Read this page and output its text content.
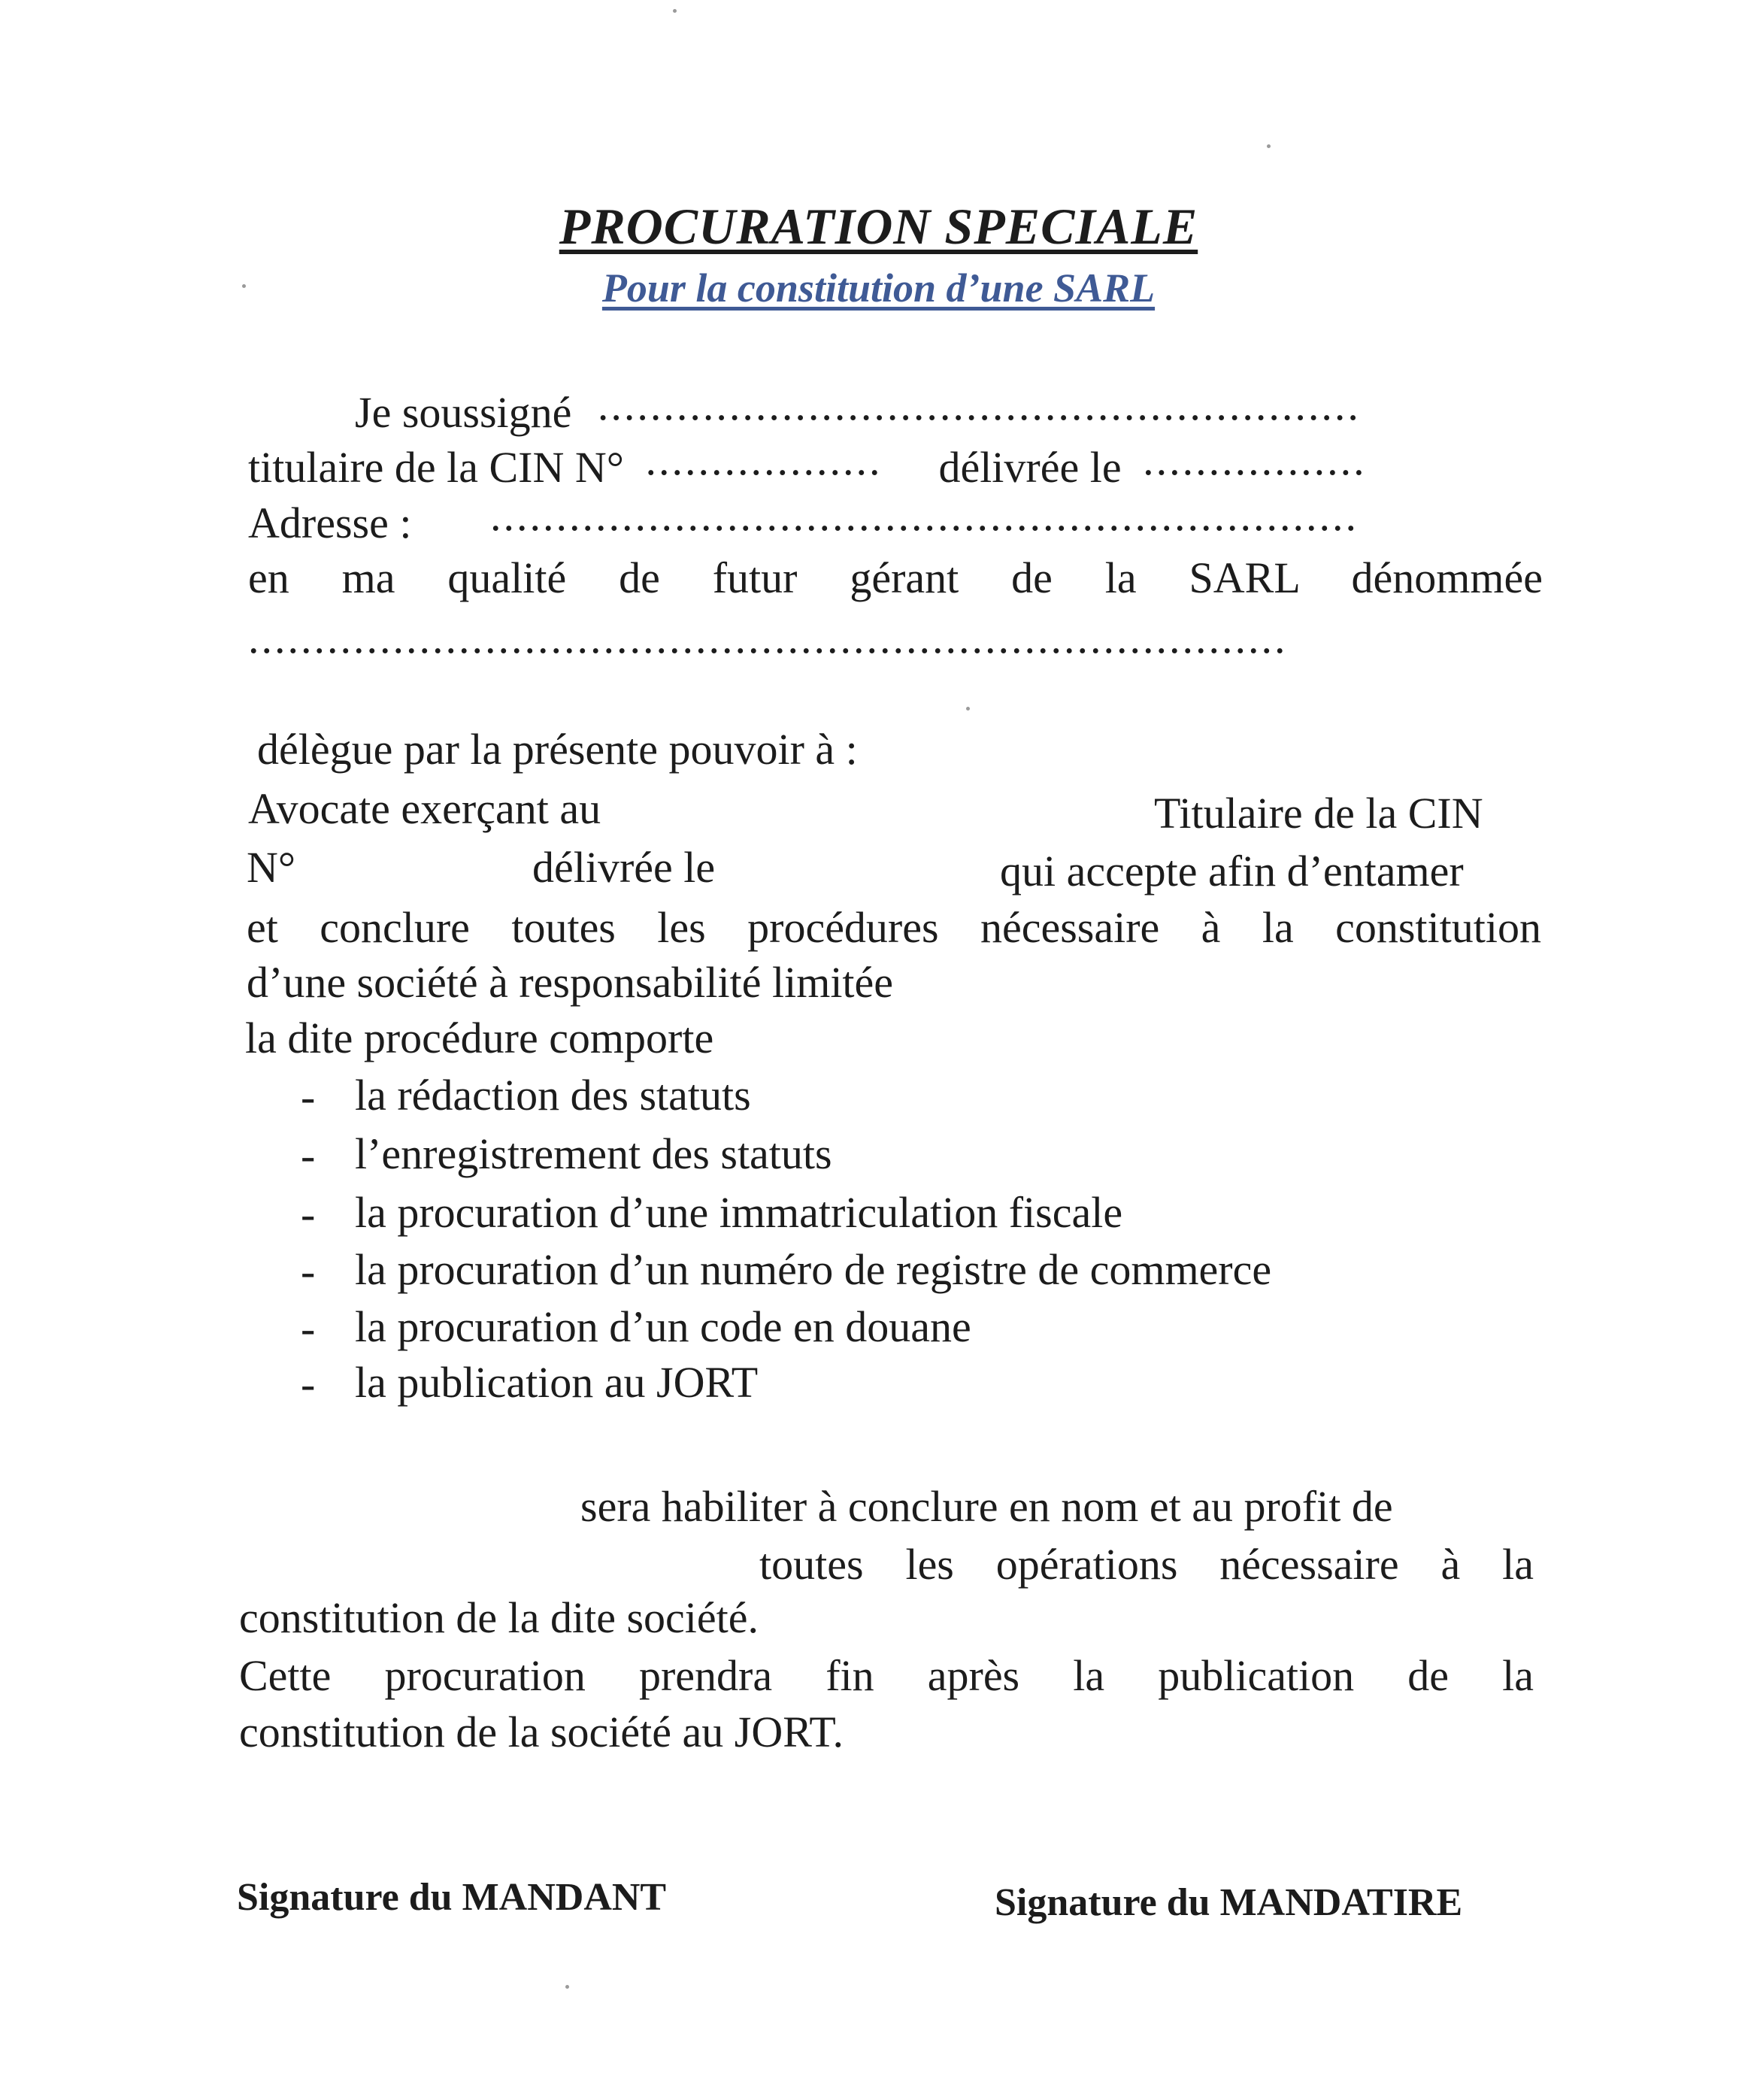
PROCURATION SPECIALE
Pour la constitution d’une SARL
Je soussigné ..........................................................
titulaire de la CIN N° .................. délivrée le .................
Adresse : ..................................................................
en ma qualité de futur gérant de la SARL dénommée
...............................................................................
délègue par la présente pouvoir à :
Avocate exerçant au	Titulaire de la CIN
N°	délivrée le	qui accepte afin d’entamer
et conclure toutes les procédures nécessaire à la constitution
d’une société à responsabilité limitée
la dite procédure comporte
- la rédaction des statuts
- l’enregistrement des statuts
- la procuration d’une immatriculation fiscale
- la procuration d’un numéro de registre de commerce
- la procuration d’un code en douane
- la publication au JORT
sera habiliter à conclure en nom et au profit de
toutes les opérations nécessaire à la
constitution de la dite société.
Cette procuration prendra fin après la publication de la
constitution de la société au JORT.
Signature du MANDANT	Signature du MANDATIRE
